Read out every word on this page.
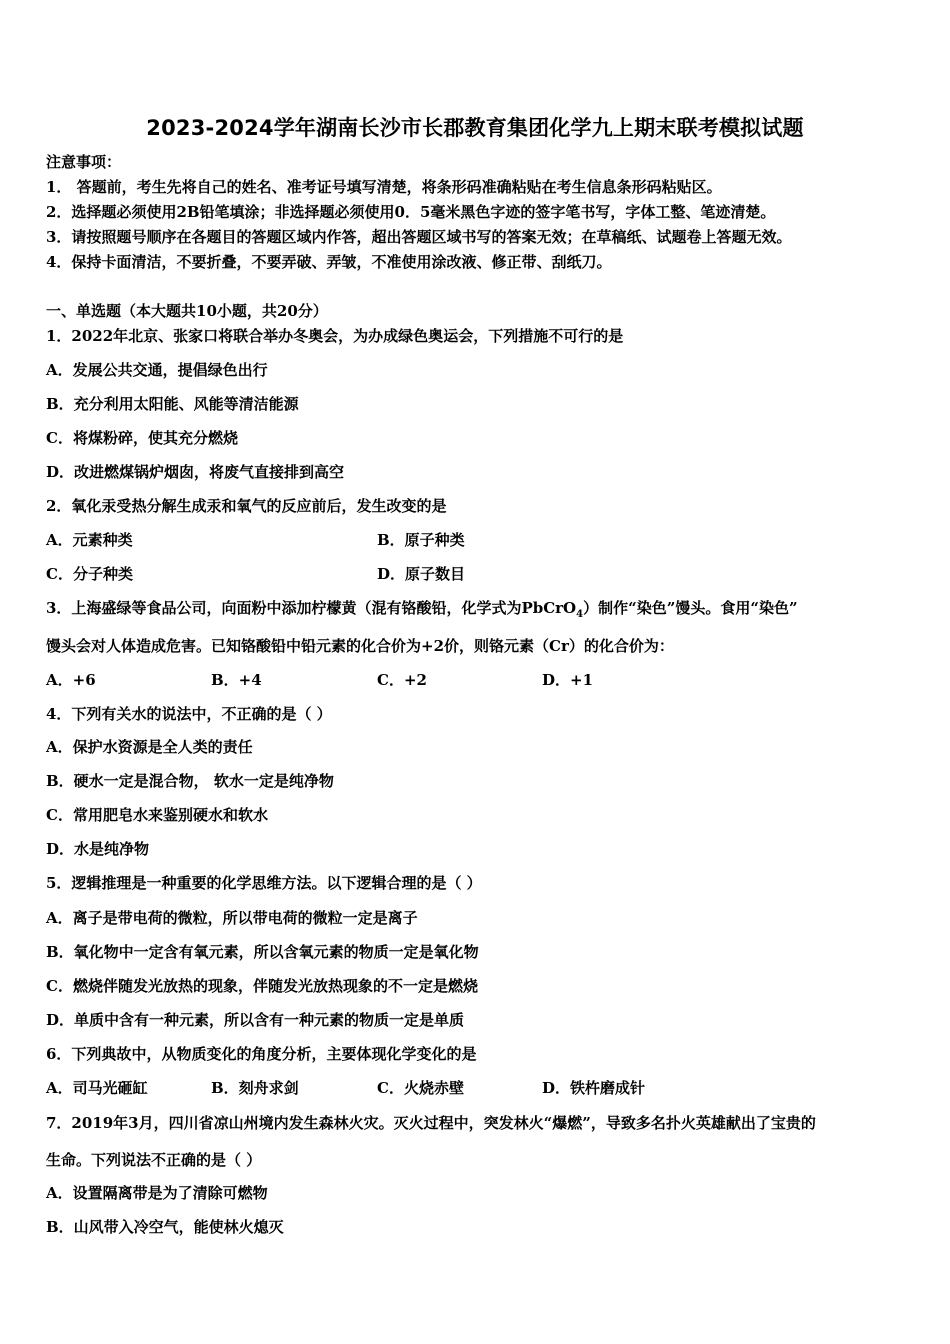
2023-2024学年湖南长沙市长郡教育集团化学九上期末联考模拟试题
注意事项：
1． 答题前，考生先将自己的姓名、准考证号填写清楚，将条形码准确粘贴在考生信息条形码粘贴区。
2．选择题必须使用2B铅笔填涂；非选择题必须使用0．5毫米黑色字迹的签字笔书写，字体工整、笔迹清楚。
3．请按照题号顺序在各题目的答题区域内作答，超出答题区域书写的答案无效；在草稿纸、试题卷上答题无效。
4．保持卡面清洁，不要折叠，不要弄破、弄皱，不准使用涂改液、修正带、刮纸刀。
一、单选题（本大题共10小题，共20分）
1．2022年北京、张家口将联合举办冬奥会，为办成绿色奥运会，下列措施不可行的是
A．发展公共交通，提倡绿色出行
B．充分利用太阳能、风能等清洁能源
C．将煤粉碎，使其充分燃烧
D．改进燃煤锅炉烟囱，将废气直接排到高空
2．氧化汞受热分解生成汞和氧气的反应前后，发生改变的是
A．元素种类	B．原子种类
C．分子种类	D．原子数目
3．上海盛绿等食品公司，向面粉中添加柠檬黄（混有铬酸铅，化学式为PbCrO$_4$）制作“染色”馒头。食用“染色”
馒头会对人体造成危害。已知铬酸铅中铅元素的化合价为+2价，则铬元素（Cr）的化合价为：
A．+6	B．+4	C．+2	D．+1
4．下列有关水的说法中，不正确的是（ ）
A．保护水资源是全人类的责任
B．硬水一定是混合物， 软水一定是纯净物
C．常用肥皂水来鉴别硬水和软水
D．水是纯净物
5．逻辑推理是一种重要的化学思维方法。以下逻辑合理的是（ ）
A．离子是带电荷的微粒，所以带电荷的微粒一定是离子
B．氧化物中一定含有氧元素，所以含氧元素的物质一定是氧化物
C．燃烧伴随发光放热的现象，伴随发光放热现象的不一定是燃烧
D．单质中含有一种元素，所以含有一种元素的物质一定是单质
6．下列典故中，从物质变化的角度分析，主要体现化学变化的是
A．司马光砸缸	B．刻舟求剑	C．火烧赤壁	D．铁杵磨成针
7．2019年3月，四川省凉山州境内发生森林火灾。灭火过程中，突发林火“爆燃”，导致多名扑火英雄献出了宝贵的
生命。下列说法不正确的是（ ）
A．设置隔离带是为了清除可燃物
B．山风带入冷空气，能使林火熄灭
